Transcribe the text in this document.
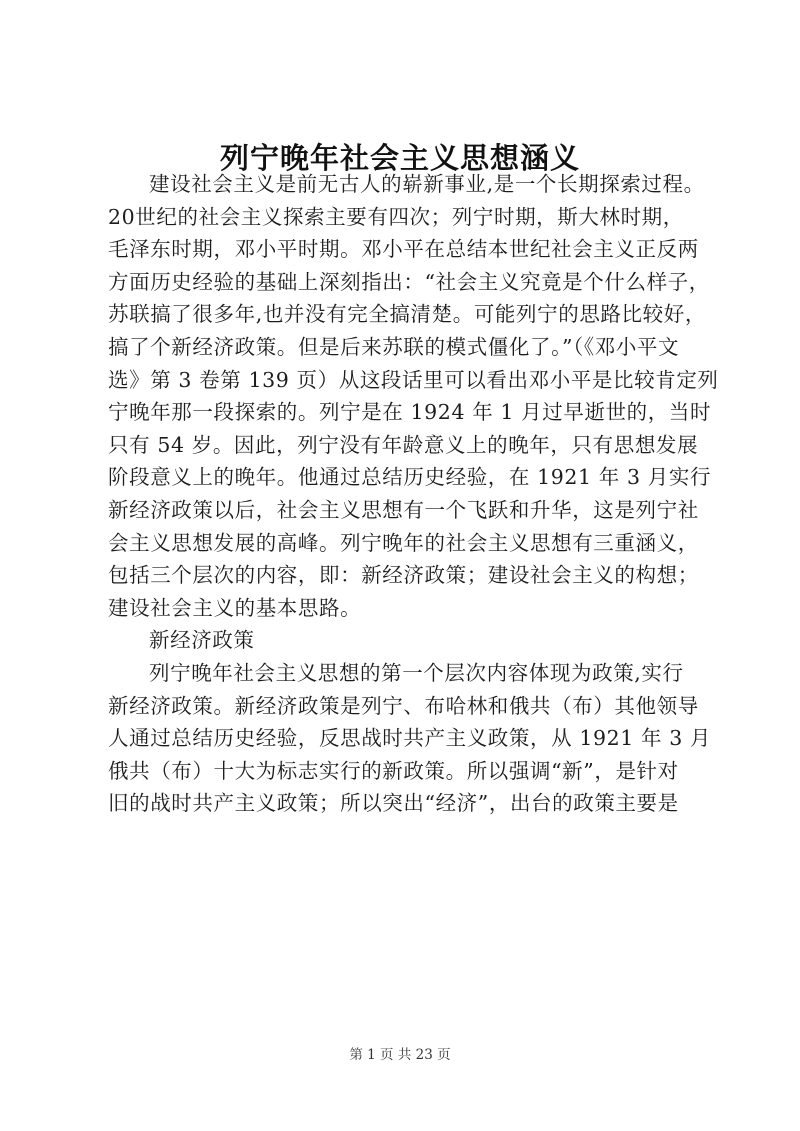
列宁晚年社会主义思想涵义
建设社会主义是前无古人的崭新事业,是一个长期探索过程。
20世纪的社会主义探索主要有四次；列宁时期，斯大林时期，
毛泽东时期，邓小平时期。邓小平在总结本世纪社会主义正反两
方面历史经验的基础上深刻指出：“社会主义究竟是个什么样子，
苏联搞了很多年,也并没有完全搞清楚。可能列宁的思路比较好，
搞了个新经济政策。但是后来苏联的模式僵化了。”（《邓小平文
选》第 3 卷第 139 页）从这段话里可以看出邓小平是比较肯定列
宁晚年那一段探索的。列宁是在 1924 年 1 月过早逝世的，当时
只有 54 岁。因此，列宁没有年龄意义上的晚年，只有思想发展
阶段意义上的晚年。他通过总结历史经验，在 1921 年 3 月实行
新经济政策以后，社会主义思想有一个飞跃和升华，这是列宁社
会主义思想发展的高峰。列宁晚年的社会主义思想有三重涵义，
包括三个层次的内容，即：新经济政策；建设社会主义的构想；
建设社会主义的基本思路。
新经济政策
列宁晚年社会主义思想的第一个层次内容体现为政策,实行
新经济政策。新经济政策是列宁、布哈林和俄共（布）其他领导
人通过总结历史经验，反思战时共产主义政策，从 1921 年 3 月
俄共（布）十大为标志实行的新政策。所以强调“新”，是针对
旧的战时共产主义政策；所以突出“经济”，出台的政策主要是
第 1 页 共 23 页
